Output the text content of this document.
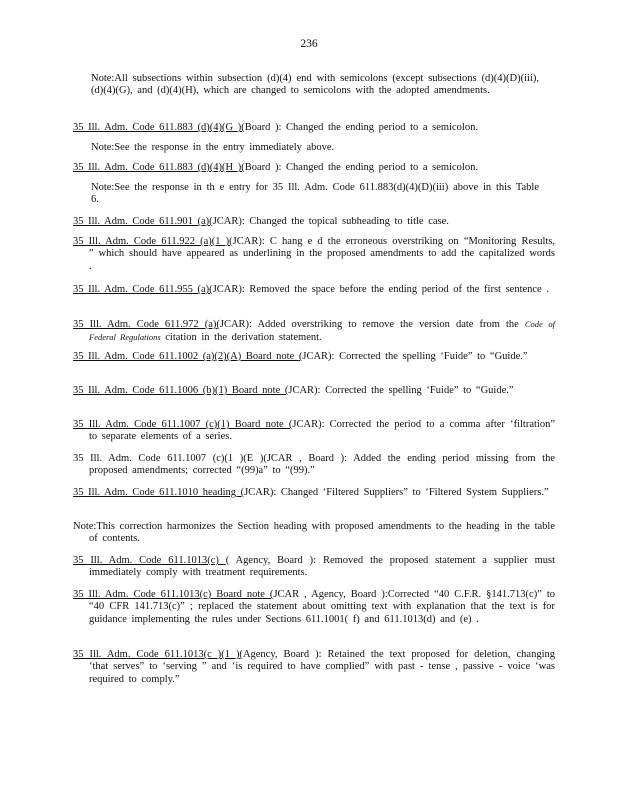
236
Note:All subsections within subsection (d)(4) end with semicolons (except subsections (d)(4)(D)(iii), (d)(4)(G), and (d)(4)(H), which are changed to semicolons with the adopted amendments.
35 Ill. Adm. Code 611.883 (d)(4)(G )(Board ): Changed the ending period to a semicolon.
Note:See the response in the entry immediately above.
35 Ill. Adm. Code 611.883 (d)(4)(H )(Board ): Changed the ending period to a semicolon.
Note:See the response in th e entry for 35 Ill. Adm. Code 611.883(d)(4)(D)(iii) above in this Table 6.
35 Ill. Adm. Code 611.901 (a)(JCAR): Changed the topical subheading to title case.
35 Ill. Adm. Code 611.922 (a)(1 )(JCAR): C hang e d the erroneous overstriking on “Monitoring Results, ” which should have appeared as underlining in the proposed amendments to add the capitalized words .
35 Ill. Adm. Code 611.955 (a)(JCAR): Removed the space before the ending period of the first sentence .
35 Ill. Adm. Code 611.972 (a)(JCAR): Added overstriking to remove the version date from the Code of Federal Regulations citation in the derivation statement.
35 Ill. Adm. Code 611.1002 (a)(2)(A) Board note (JCAR): Corrected the spelling ‘Fuide” to “Guide.”
35 Ill. Adm. Code 611.1006 (b)(1) Board note (JCAR): Corrected the spelling ‘Fuide” to “Guide.”
35 Ill. Adm. Code 611.1007 (c)(1) Board note (JCAR): Corrected the period to a comma after ‘filtration” to separate elements of a series.
35 Ill. Adm. Code 611.1007 (c)(1 )(E )(JCAR , Board ): Added the ending period missing from the proposed amendments; corrected “(99)a” to “(99).”
35 Ill. Adm. Code 611.1010 heading (JCAR): Changed ‘Filtered Suppliers” to ‘Filtered System Suppliers.”
Note:This correction harmonizes the Section heading with proposed amendments to the heading in the table of contents.
35 Ill. Adm. Code 611.1013(c) ( Agency, Board ): Removed the proposed statement a supplier must immediately comply with treatment requirements.
35 Ill. Adm. Code 611.1013(c) Board note (JCAR , Agency, Board ):Corrected “40 C.F.R. §141.713(c)” to “40 CFR 141.713(c)” ; replaced the statement about omitting text with explanation that the text is for guidance implementing the rules under Sections 611.1001( f) and 611.1013(d) and (e) .
35 Ill. Adm. Code 611.1013(c )(1 )(Agency, Board ): Retained the text proposed for deletion, changing ‘that serves” to ‘serving ” and ‘is required to have complied” with past - tense , passive - voice ‘was required to comply.”
